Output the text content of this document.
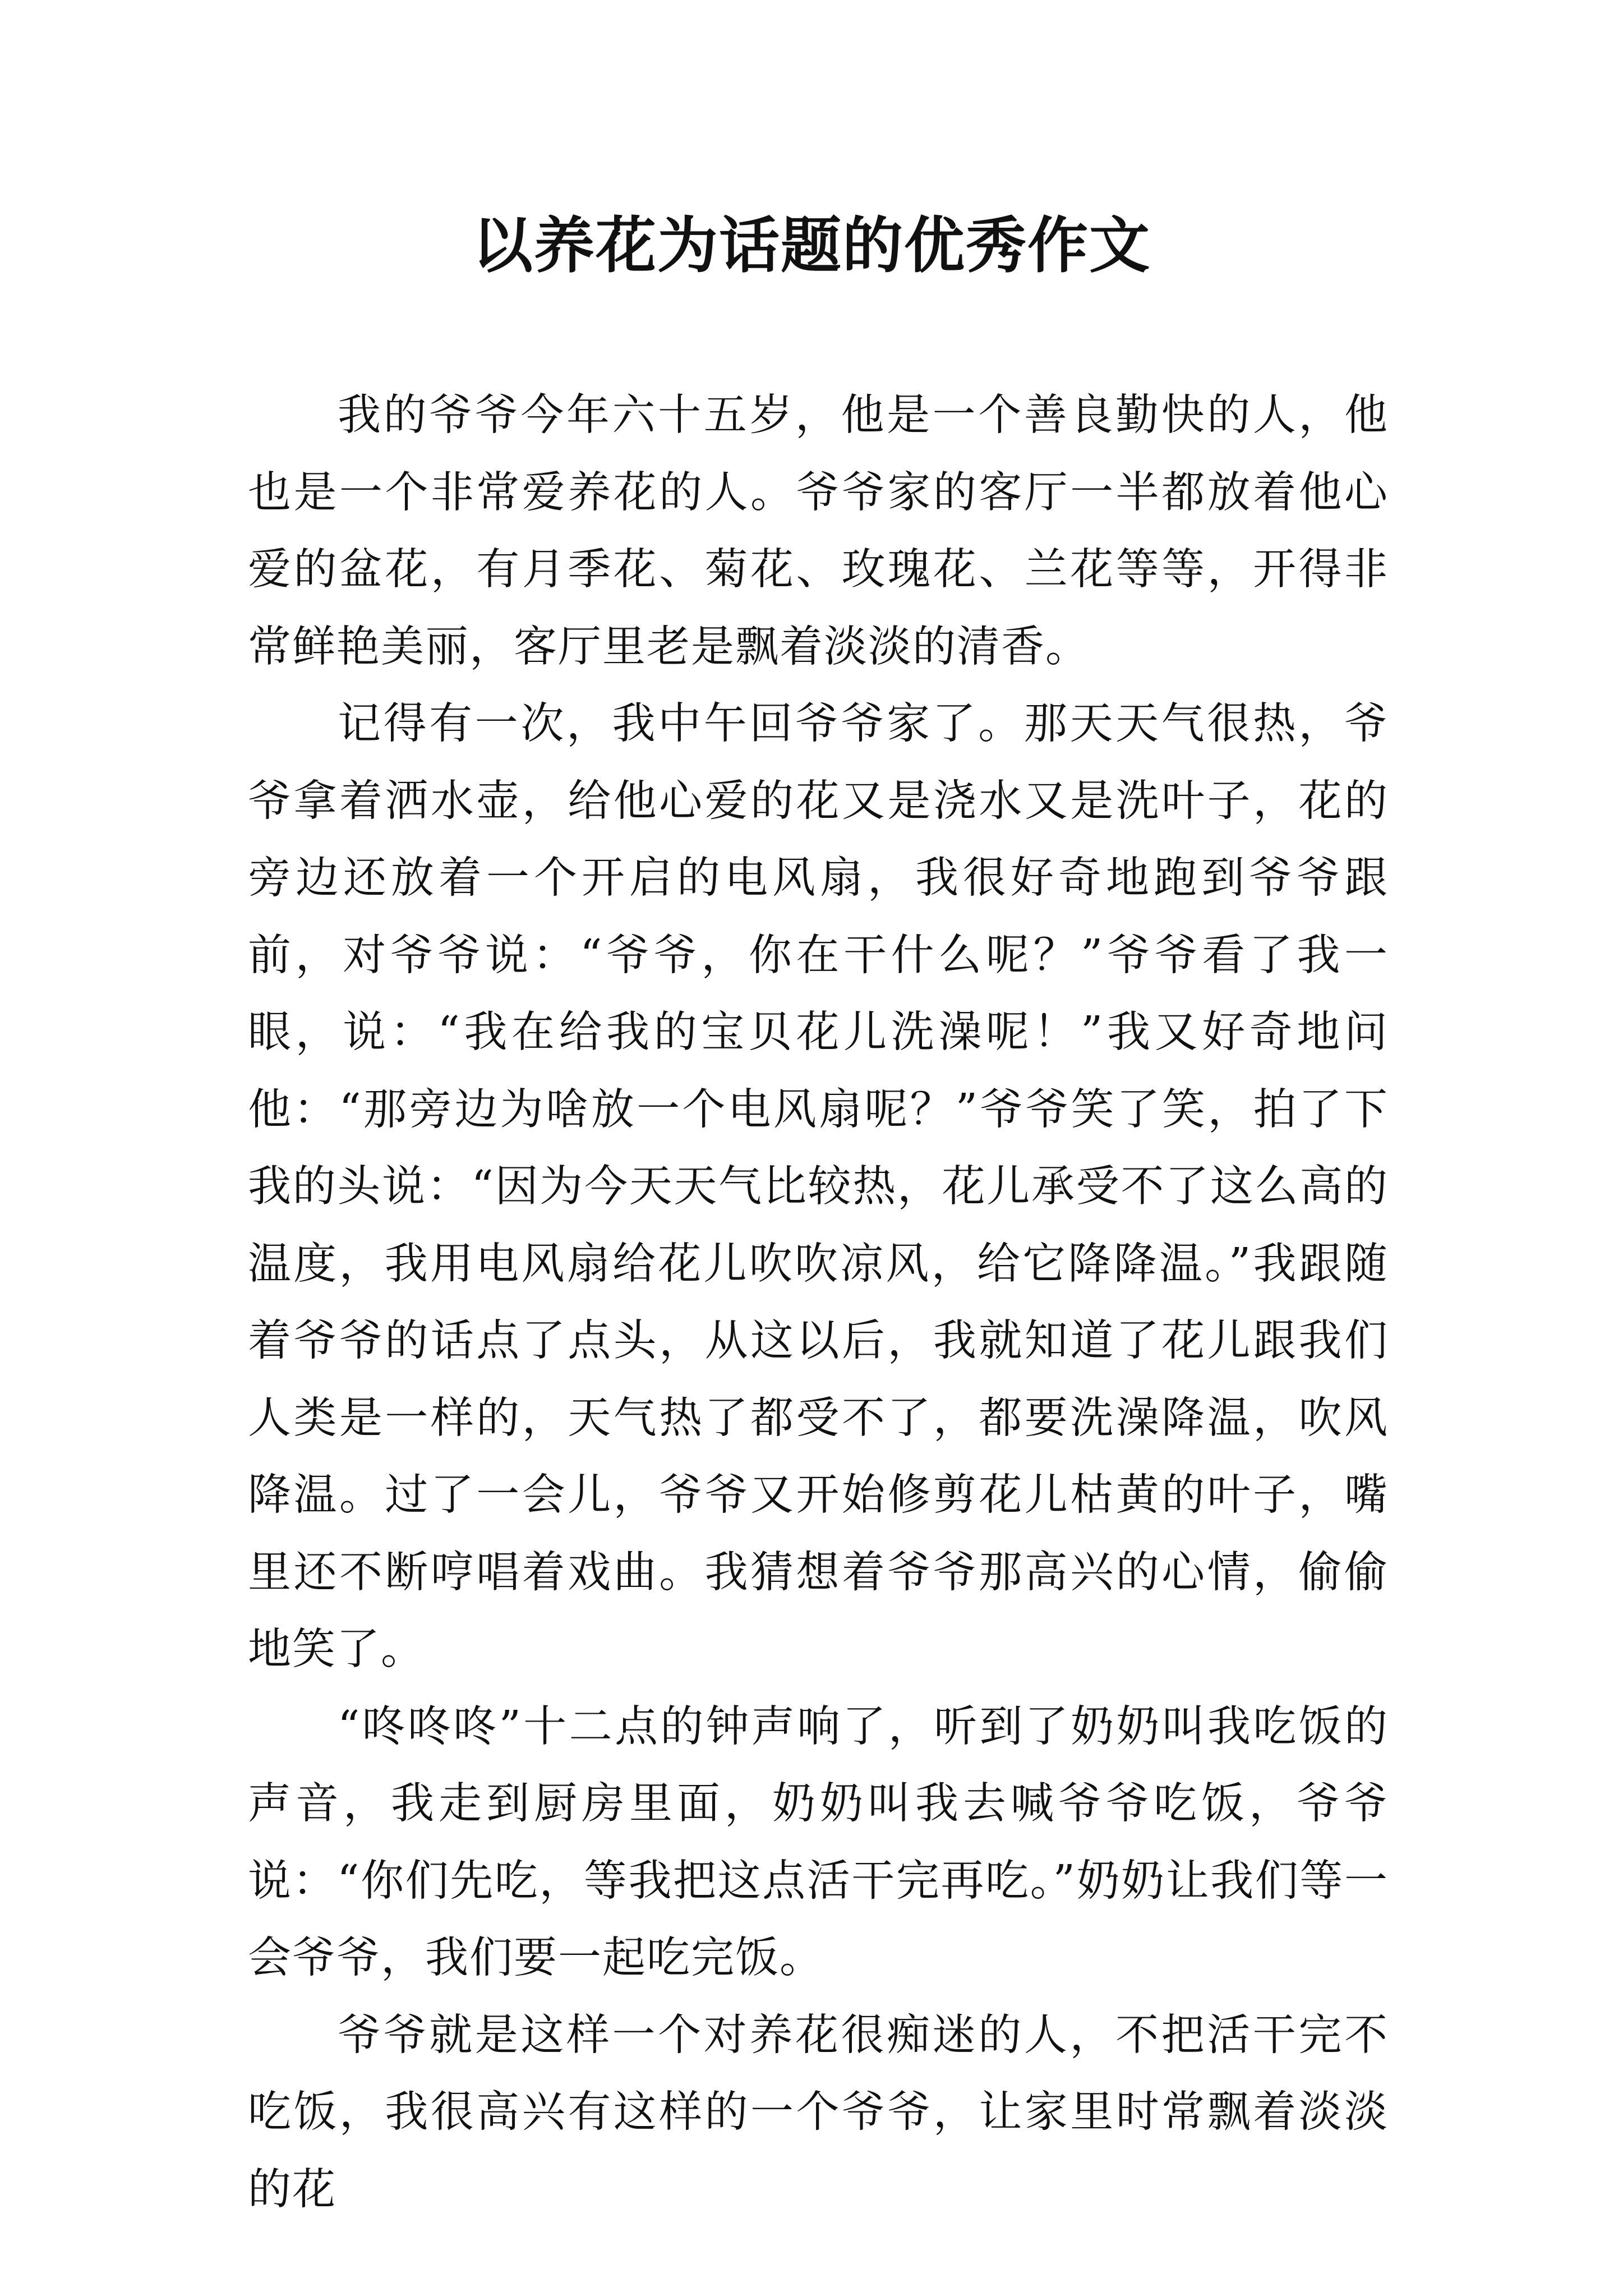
以养花为话题的优秀作文

我的爷爷今年六十五岁，他是一个善良勤快的人，他也是一个非常爱养花的人。爷爷家的客厅一半都放着他心爱的盆花，有月季花、菊花、玫瑰花、兰花等等，开得非常鲜艳美丽，客厅里老是飘着淡淡的清香。

记得有一次，我中午回爷爷家了。那天天气很热，爷爷拿着洒水壶，给他心爱的花又是浇水又是洗叶子，花的旁边还放着一个开启的电风扇，我很好奇地跑到爷爷跟前，对爷爷说：“爷爷，你在干什么呢？”爷爷看了我一眼，说：“我在给我的宝贝花儿洗澡呢！”我又好奇地问他：“那旁边为啥放一个电风扇呢？”爷爷笑了笑，拍了下我的头说：“因为今天天气比较热，花儿承受不了这么高的温度，我用电风扇给花儿吹吹凉风，给它降降温。”我跟随着爷爷的话点了点头，从这以后，我就知道了花儿跟我们人类是一样的，天气热了都受不了，都要洗澡降温，吹风降温。过了一会儿，爷爷又开始修剪花儿枯黄的叶子，嘴里还不断哼唱着戏曲。我猜想着爷爷那高兴的心情，偷偷地笑了。

“咚咚咚”十二点的钟声响了，听到了奶奶叫我吃饭的声音，我走到厨房里面，奶奶叫我去喊爷爷吃饭，爷爷说：“你们先吃，等我把这点活干完再吃。”奶奶让我们等一会爷爷，我们要一起吃完饭。

爷爷就是这样一个对养花很痴迷的人，不把活干完不吃饭，我很高兴有这样的一个爷爷，让家里时常飘着淡淡的花
